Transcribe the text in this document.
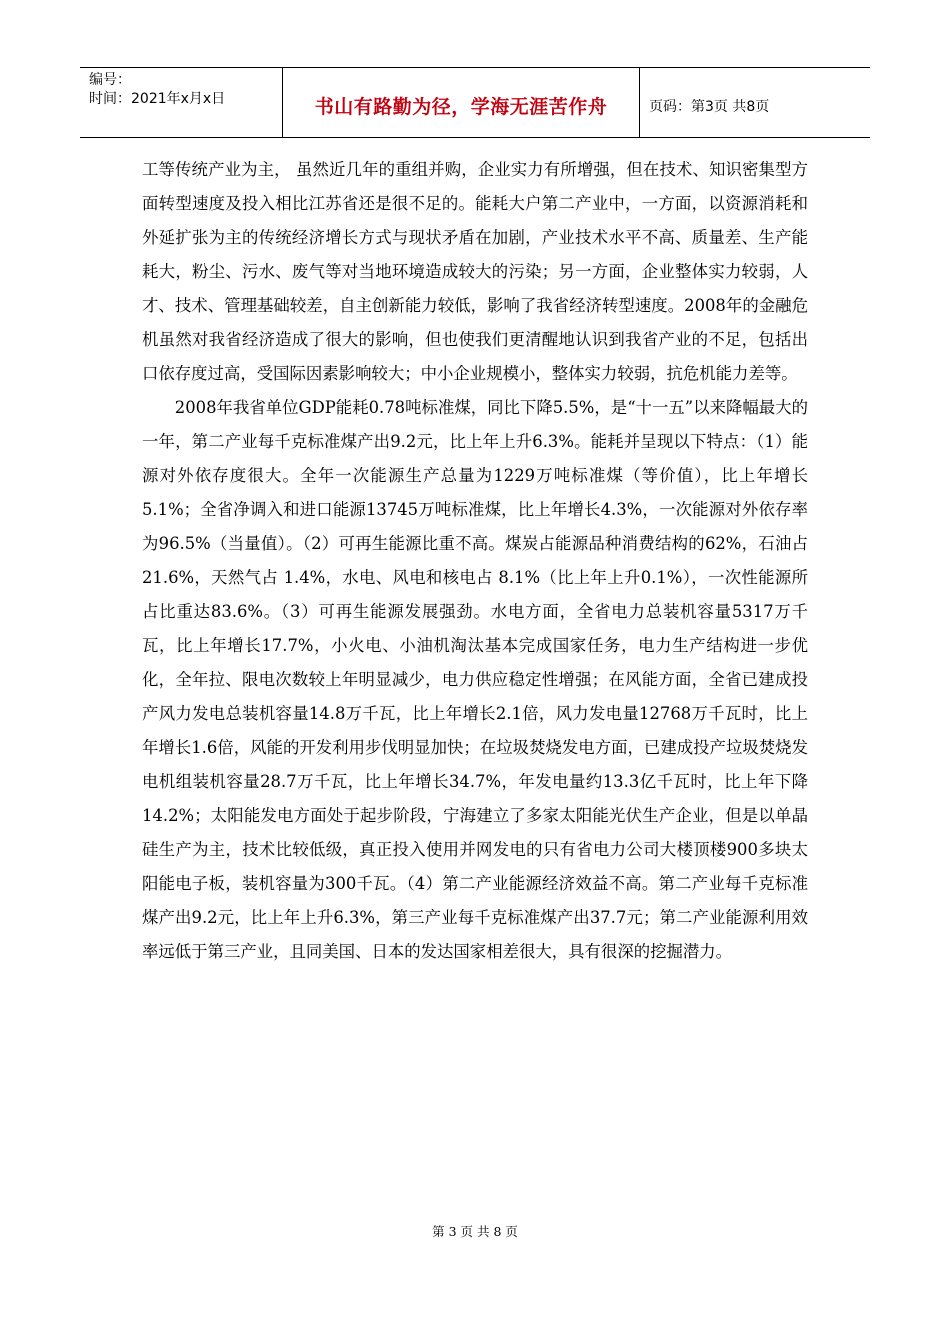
编号：
时间：2021年x月x日	书山有路勤为径，学海无涯苦作舟	页码：第3页 共8页

工等传统产业为主， 虽然近几年的重组并购，企业实力有所增强，但在技术、知识密集型方面转型速度及投入相比江苏省还是很不足的。能耗大户第二产业中，一方面，以资源消耗和外延扩张为主的传统经济增长方式与现状矛盾在加剧，产业技术水平不高、质量差、生产能耗大，粉尘、污水、废气等对当地环境造成较大的污染；另一方面，企业整体实力较弱，人才、技术、管理基础较差，自主创新能力较低，影响了我省经济转型速度。2008年的金融危机虽然对我省经济造成了很大的影响，但也使我们更清醒地认识到我省产业的不足，包括出口依存度过高，受国际因素影响较大；中小企业规模小，整体实力较弱，抗危机能力差等。

2008年我省单位GDP能耗0.78吨标准煤，同比下降5.5%，是“十一五”以来降幅最大的一年，第二产业每千克标准煤产出9.2元，比上年上升6.3%。能耗并呈现以下特点：（1）能源对外依存度很大。全年一次能源生产总量为1229万吨标准煤（等价值），比上年增长5.1%；全省净调入和进口能源13745万吨标准煤，比上年增长4.3%，一次能源对外依存率为96.5%（当量值）。（2）可再生能源比重不高。煤炭占能源品种消费结构的62%，石油占21.6%，天然气占 1.4%，水电、风电和核电占 8.1%（比上年上升0.1%），一次性能源所占比重达83.6%。（3）可再生能源发展强劲。水电方面，全省电力总装机容量5317万千瓦，比上年增长17.7%，小火电、小油机淘汰基本完成国家任务，电力生产结构进一步优化，全年拉、限电次数较上年明显减少，电力供应稳定性增强；在风能方面，全省已建成投产风力发电总装机容量14.8万千瓦，比上年增长2.1倍，风力发电量12768万千瓦时，比上年增长1.6倍，风能的开发利用步伐明显加快；在垃圾焚烧发电方面，已建成投产垃圾焚烧发电机组装机容量28.7万千瓦，比上年增长34.7%，年发电量约13.3亿千瓦时，比上年下降14.2%；太阳能发电方面处于起步阶段，宁海建立了多家太阳能光伏生产企业，但是以单晶硅生产为主，技术比较低级，真正投入使用并网发电的只有省电力公司大楼顶楼900多块太阳能电子板，装机容量为300千瓦。（4）第二产业能源经济效益不高。第二产业每千克标准煤产出9.2元，比上年上升6.3%，第三产业每千克标准煤产出37.7元；第二产业能源利用效率远低于第三产业，且同美国、日本的发达国家相差很大，具有很深的挖掘潜力。

第 3 页 共 8 页
